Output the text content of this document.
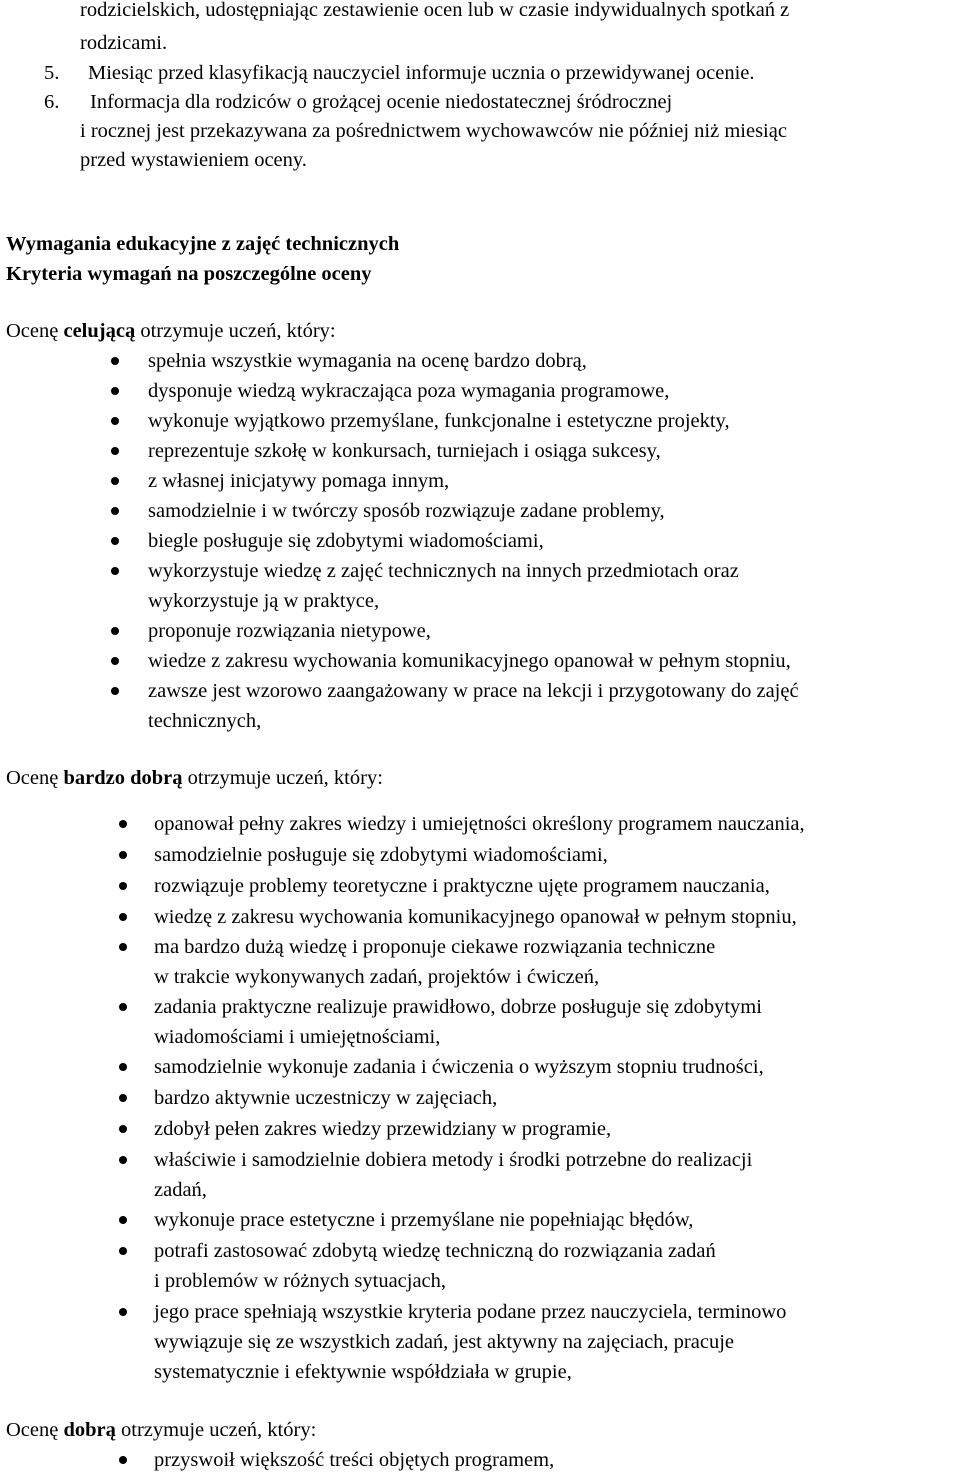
rodzicielskich, udostępniając zestawienie ocen lub w czasie indywidualnych spotkań z
rodzicami.
5. Miesiąc przed klasyfikacją nauczyciel informuje ucznia o przewidywanej ocenie.
6. Informacja dla rodziców o grożącej ocenie niedostatecznej śródrocznej
i rocznej jest przekazywana za pośrednictwem wychowawców nie później niż miesiąc
przed wystawieniem oceny.
Wymagania edukacyjne z zajęć technicznych
Kryteria wymagań na poszczególne oceny
Ocenę celującą otrzymuje uczeń, który:
spełnia wszystkie wymagania na ocenę bardzo dobrą,
dysponuje wiedzą wykraczająca poza wymagania programowe,
wykonuje wyjątkowo przemyślane, funkcjonalne i estetyczne projekty,
reprezentuje szkołę w konkursach, turniejach i osiąga sukcesy,
z własnej inicjatywy pomaga innym,
samodzielnie i w twórczy sposób rozwiązuje zadane problemy,
biegle posługuje się zdobytymi wiadomościami,
wykorzystuje wiedzę z zajęć technicznych na innych przedmiotach oraz
wykorzystuje ją w praktyce,
proponuje rozwiązania nietypowe,
wiedze z zakresu wychowania komunikacyjnego opanował w pełnym stopniu,
zawsze jest wzorowo zaangażowany w prace na lekcji i przygotowany do zajęć
technicznych,
Ocenę bardzo dobrą otrzymuje uczeń, który:
opanował pełny zakres wiedzy i umiejętności określony programem nauczania,
samodzielnie posługuje się zdobytymi wiadomościami,
rozwiązuje problemy teoretyczne i praktyczne ujęte programem nauczania,
wiedzę z zakresu wychowania komunikacyjnego opanował w pełnym stopniu,
ma bardzo dużą wiedzę i proponuje ciekawe rozwiązania techniczne
w trakcie wykonywanych zadań, projektów i ćwiczeń,
zadania praktyczne realizuje prawidłowo, dobrze posługuje się zdobytymi
wiadomościami i umiejętnościami,
samodzielnie wykonuje zadania i ćwiczenia o wyższym stopniu trudności,
bardzo aktywnie uczestniczy w zajęciach,
zdobył pełen zakres wiedzy przewidziany w programie,
właściwie i samodzielnie dobiera metody i środki potrzebne do realizacji
zadań,
wykonuje prace estetyczne i przemyślane nie popełniając błędów,
potrafi zastosować zdobytą wiedzę techniczną do rozwiązania zadań
i problemów w różnych sytuacjach,
jego prace spełniają wszystkie kryteria podane przez nauczyciela, terminowo
wywiązuje się ze wszystkich zadań, jest aktywny na zajęciach, pracuje
systematycznie i efektywnie współdziała w grupie,
Ocenę dobrą otrzymuje uczeń, który:
przyswoił większość treści objętych programem,
